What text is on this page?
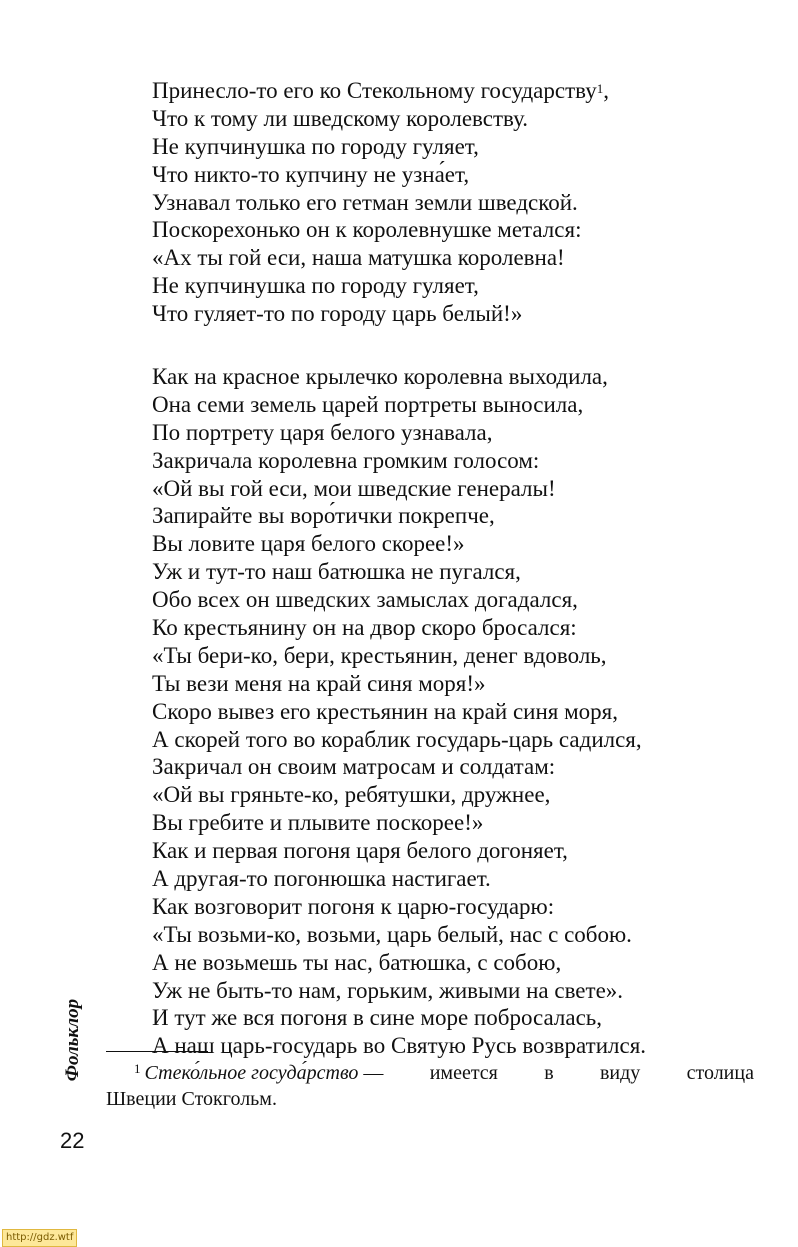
Принесло-то его ко Стекольному государству$^1$,
Что к тому ли шведскому королевству.
Не купчинушка по городу гуляет,
Что никто-то купчину не узна́ет,
Узнавал только его гетман земли шведской.
Поскорехонько он к королевнушке метался:
«Ах ты гой еси, наша матушка королевна!
Не купчинушка по городу гуляет,
Что гуляет-то по городу царь белый!»
Как на красное крылечко королевна выходила,
Она семи земель царей портреты выносила,
По портрету царя белого узнавала,
Закричала королевна громким голосом:
«Ой вы гой еси, мои шведские генералы!
Запирайте вы воро́тички покрепче,
Вы ловите царя белого скорее!»
Уж и тут-то наш батюшка не пугался,
Обо всех он шведских замыслах догадался,
Ко крестьянину он на двор скоро бросался:
«Ты бери-ко, бери, крестьянин, денег вдоволь,
Ты вези меня на край синя моря!»
Скоро вывез его крестьянин на край синя моря,
А скорей того во кораблик государь-царь садился,
Закричал он своим матросам и солдатам:
«Ой вы гряньте-ко, ребятушки, дружнее,
Вы гребите и плывите поскорее!»
Как и первая погоня царя белого догоняет,
А другая-то погонюшка настигает.
Как возговорит погоня к царю-государю:
«Ты возьми-ко, возьми, царь белый, нас с собою.
А не возьмешь ты нас, батюшка, с собою,
Уж не быть-то нам, горьким, живыми на свете».
И тут же вся погоня в сине море побросалась,
А наш царь-государь во Святую Русь возвратился.
$^1$ Стеко́льное госуда́рство — имеется в виду столица
Швеции Стокгольм.
Фольклор
22
http://gdz.wtf
